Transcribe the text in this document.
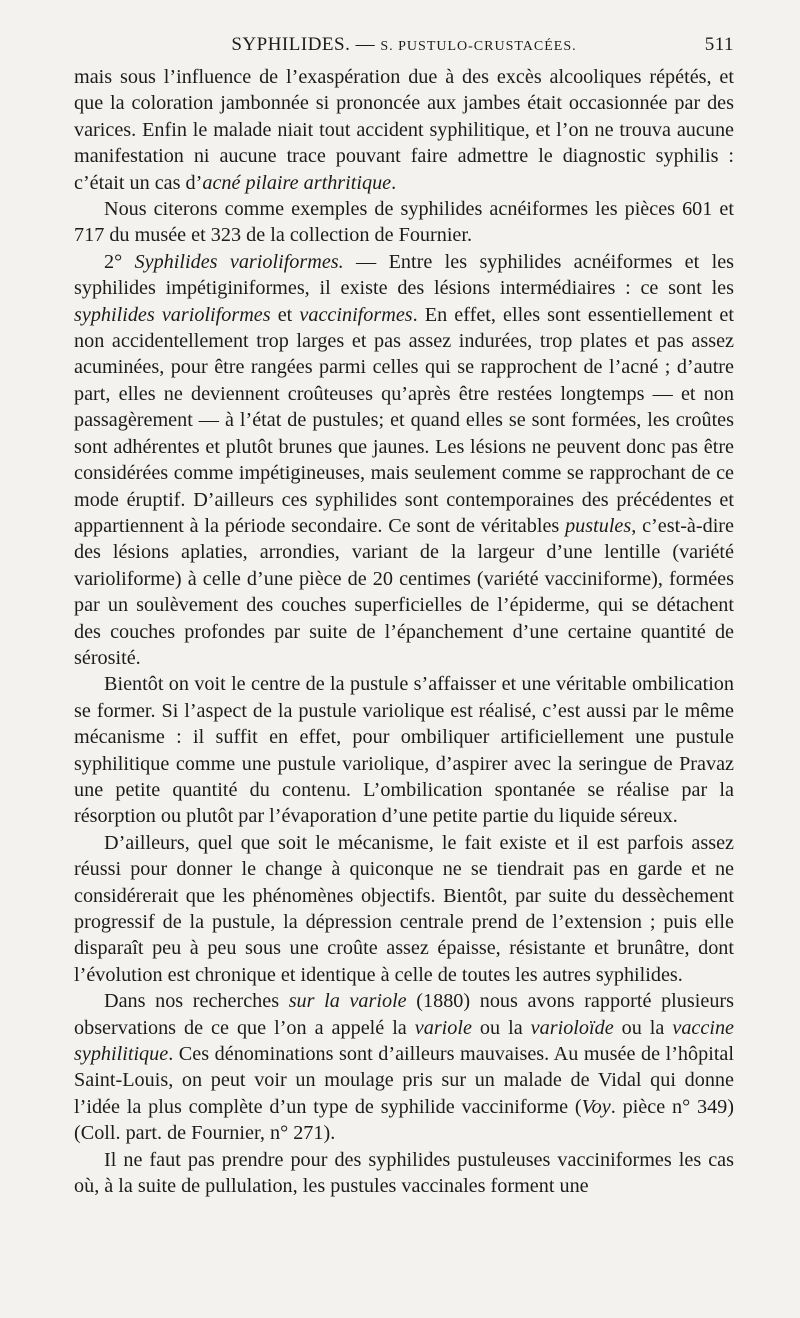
SYPHILIDES. — S. PUSTULO-CRUSTACÉES.	511

mais sous l’influence de l’exaspération due à des excès alcooliques répétés, et que la coloration jambonnée si prononcée aux jambes était occasionnée par des varices. Enfin le malade niait tout accident syphilitique, et l’on ne trouva aucune manifestation ni aucune trace pouvant faire admettre le diagnostic syphilis : c’était un cas d’acné pilaire arthritique.

Nous citerons comme exemples de syphilides acnéiformes les pièces 601 et 717 du musée et 323 de la collection de Fournier.

2° Syphilides varioliformes. — Entre les syphilides acnéiformes et les syphilides impétiginiformes, il existe des lésions intermédiaires : ce sont les syphilides varioliformes et vacciniformes. En effet, elles sont essentiellement et non accidentellement trop larges et pas assez indurées, trop plates et pas assez acuminées, pour être rangées parmi celles qui se rapprochent de l’acné ; d’autre part, elles ne deviennent croûteuses qu’après être restées longtemps — et non passagèrement — à l’état de pustules; et quand elles se sont formées, les croûtes sont adhérentes et plutôt brunes que jaunes. Les lésions ne peuvent donc pas être considérées comme impétigineuses, mais seulement comme se rapprochant de ce mode éruptif. D’ailleurs ces syphilides sont contemporaines des précédentes et appartiennent à la période secondaire. Ce sont de véritables pustules, c’est-à-dire des lésions aplaties, arrondies, variant de la largeur d’une lentille (variété varioliforme) à celle d’une pièce de 20 centimes (variété vacciniforme), formées par un soulèvement des couches superficielles de l’épiderme, qui se détachent des couches profondes par suite de l’épanchement d’une certaine quantité de sérosité.

Bientôt on voit le centre de la pustule s’affaisser et une véritable ombilication se former. Si l’aspect de la pustule variolique est réalisé, c’est aussi par le même mécanisme : il suffit en effet, pour ombiliquer artificiellement une pustule syphilitique comme une pustule variolique, d’aspirer avec la seringue de Pravaz une petite quantité du contenu. L’ombilication spontanée se réalise par la résorption ou plutôt par l’évaporation d’une petite partie du liquide séreux.

D’ailleurs, quel que soit le mécanisme, le fait existe et il est parfois assez réussi pour donner le change à quiconque ne se tiendrait pas en garde et ne considérerait que les phénomènes objectifs. Bientôt, par suite du dessèchement progressif de la pustule, la dépression centrale prend de l’extension ; puis elle disparaît peu à peu sous une croûte assez épaisse, résistante et brunâtre, dont l’évolution est chronique et identique à celle de toutes les autres syphilides.

Dans nos recherches sur la variole (1880) nous avons rapporté plusieurs observations de ce que l’on a appelé la variole ou la varioloïde ou la vaccine syphilitique. Ces dénominations sont d’ailleurs mauvaises. Au musée de l’hôpital Saint-Louis, on peut voir un moulage pris sur un malade de Vidal qui donne l’idée la plus complète d’un type de syphilide vacciniforme (Voy. pièce n° 349) (Coll. part. de Fournier, n° 271).

Il ne faut pas prendre pour des syphilides pustuleuses vacciniformes les cas où, à la suite de pullulation, les pustules vaccinales forment une
